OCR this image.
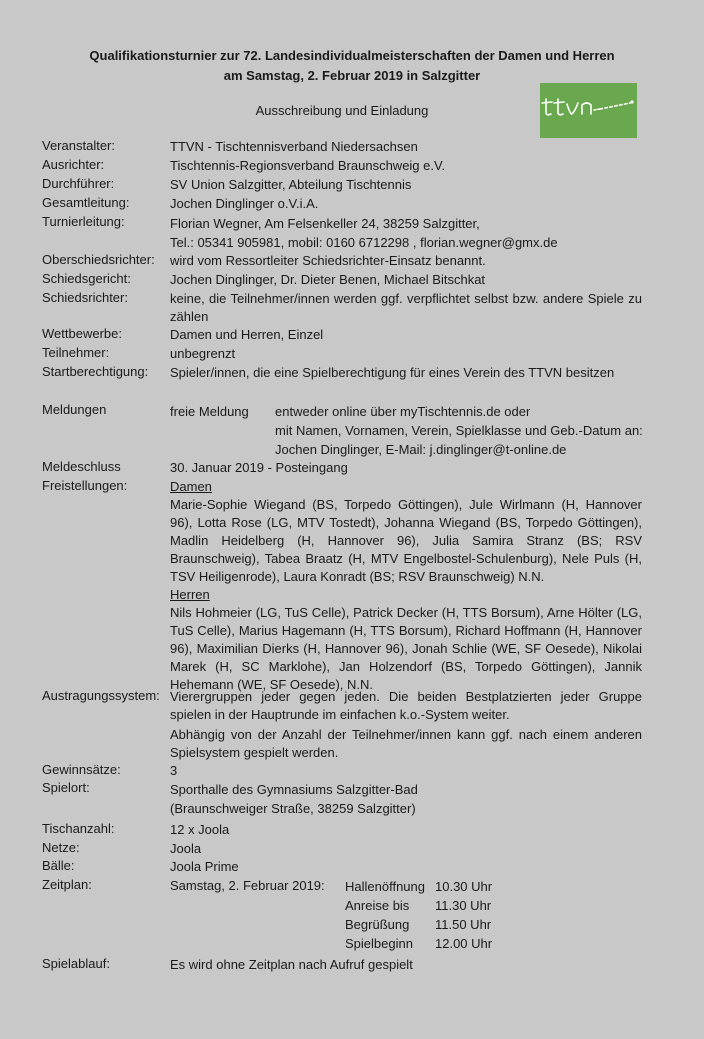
Qualifikationsturnier zur 72. Landesindividualmeisterschaften der Damen und Herren
am Samstag, 2. Februar 2019 in Salzgitter
Ausschreibung und Einladung
Veranstalter:	TTVN - Tischtennisverband Niedersachsen
Ausrichter:	Tischtennis-Regionsverband Braunschweig e.V.
Durchführer:	SV Union Salzgitter, Abteilung Tischtennis
Gesamtleitung:	Jochen Dinglinger o.V.i.A.
Turnierleitung:	Florian Wegner, Am Felsenkeller 24, 38259 Salzgitter,
Tel.: 05341 905981, mobil: 0160 6712298 , florian.wegner@gmx.de
Oberschiedsrichter:	wird vom Ressortleiter Schiedsrichter-Einsatz benannt.
Schiedsgericht:	Jochen Dinglinger, Dr. Dieter Benen, Michael Bitschkat
Schiedsrichter:	keine, die Teilnehmer/innen werden ggf. verpflichtet selbst bzw. andere Spiele zu zählen
Wettbewerbe:	Damen und Herren, Einzel
Teilnehmer:	unbegrenzt
Startberechtigung:	Spieler/innen, die eine Spielberechtigung für eines Verein des TTVN besitzen
Meldungen	freie Meldung entweder online über myTischtennis.de oder
mit Namen, Vornamen, Verein, Spielklasse und Geb.-Datum an:
Jochen Dinglinger, E-Mail: j.dinglinger@t-online.de
Meldeschluss	30. Januar 2019 - Posteingang
Freistellungen:	Damen
Marie-Sophie Wiegand (BS, Torpedo Göttingen), Jule Wirlmann (H, Hannover 96), Lotta Rose (LG, MTV Tostedt), Johanna Wiegand (BS, Torpedo Göttingen), Madlin Heidelberg (H, Hannover 96), Julia Samira Stranz (BS; RSV Braunschweig), Tabea Braatz (H, MTV Engelbostel-Schulenburg), Nele Puls (H, TSV Heiligenrode), Laura Konradt (BS; RSV Braunschweig) N.N.
Herren
Nils Hohmeier (LG, TuS Celle), Patrick Decker (H, TTS Borsum), Arne Hölter (LG, TuS Celle), Marius Hagemann (H, TTS Borsum), Richard Hoffmann (H, Hannover 96), Maximilian Dierks (H, Hannover 96), Jonah Schlie (WE, SF Oesede), Nikolai Marek (H, SC Marklohe), Jan Holzendorf (BS, Torpedo Göttingen), Jannik Hehemann (WE, SF Oesede), N.N.
Austragungssystem: Vierergruppen jeder gegen jeden. Die beiden Bestplatzierten jeder Gruppe spielen in der Hauptrunde im einfachen k.o.-System weiter.
Abhängig von der Anzahl der Teilnehmer/innen kann ggf. nach einem anderen Spielsystem gespielt werden.
Gewinnsätze:	3
Spielort:	Sporthalle des Gymnasiums Salzgitter-Bad
(Braunschweiger Straße, 38259 Salzgitter)
Tischanzahl:	12 x Joola
Netze:	Joola
Bälle:	Joola Prime
Zeitplan:	Samstag, 2. Februar 2019: Hallenöffnung 10.30 Uhr
Anreise bis	11.30 Uhr
Begrüßung	11.50 Uhr
Spielbeginn	12.00 Uhr
Spielablauf:	Es wird ohne Zeitplan nach Aufruf gespielt
